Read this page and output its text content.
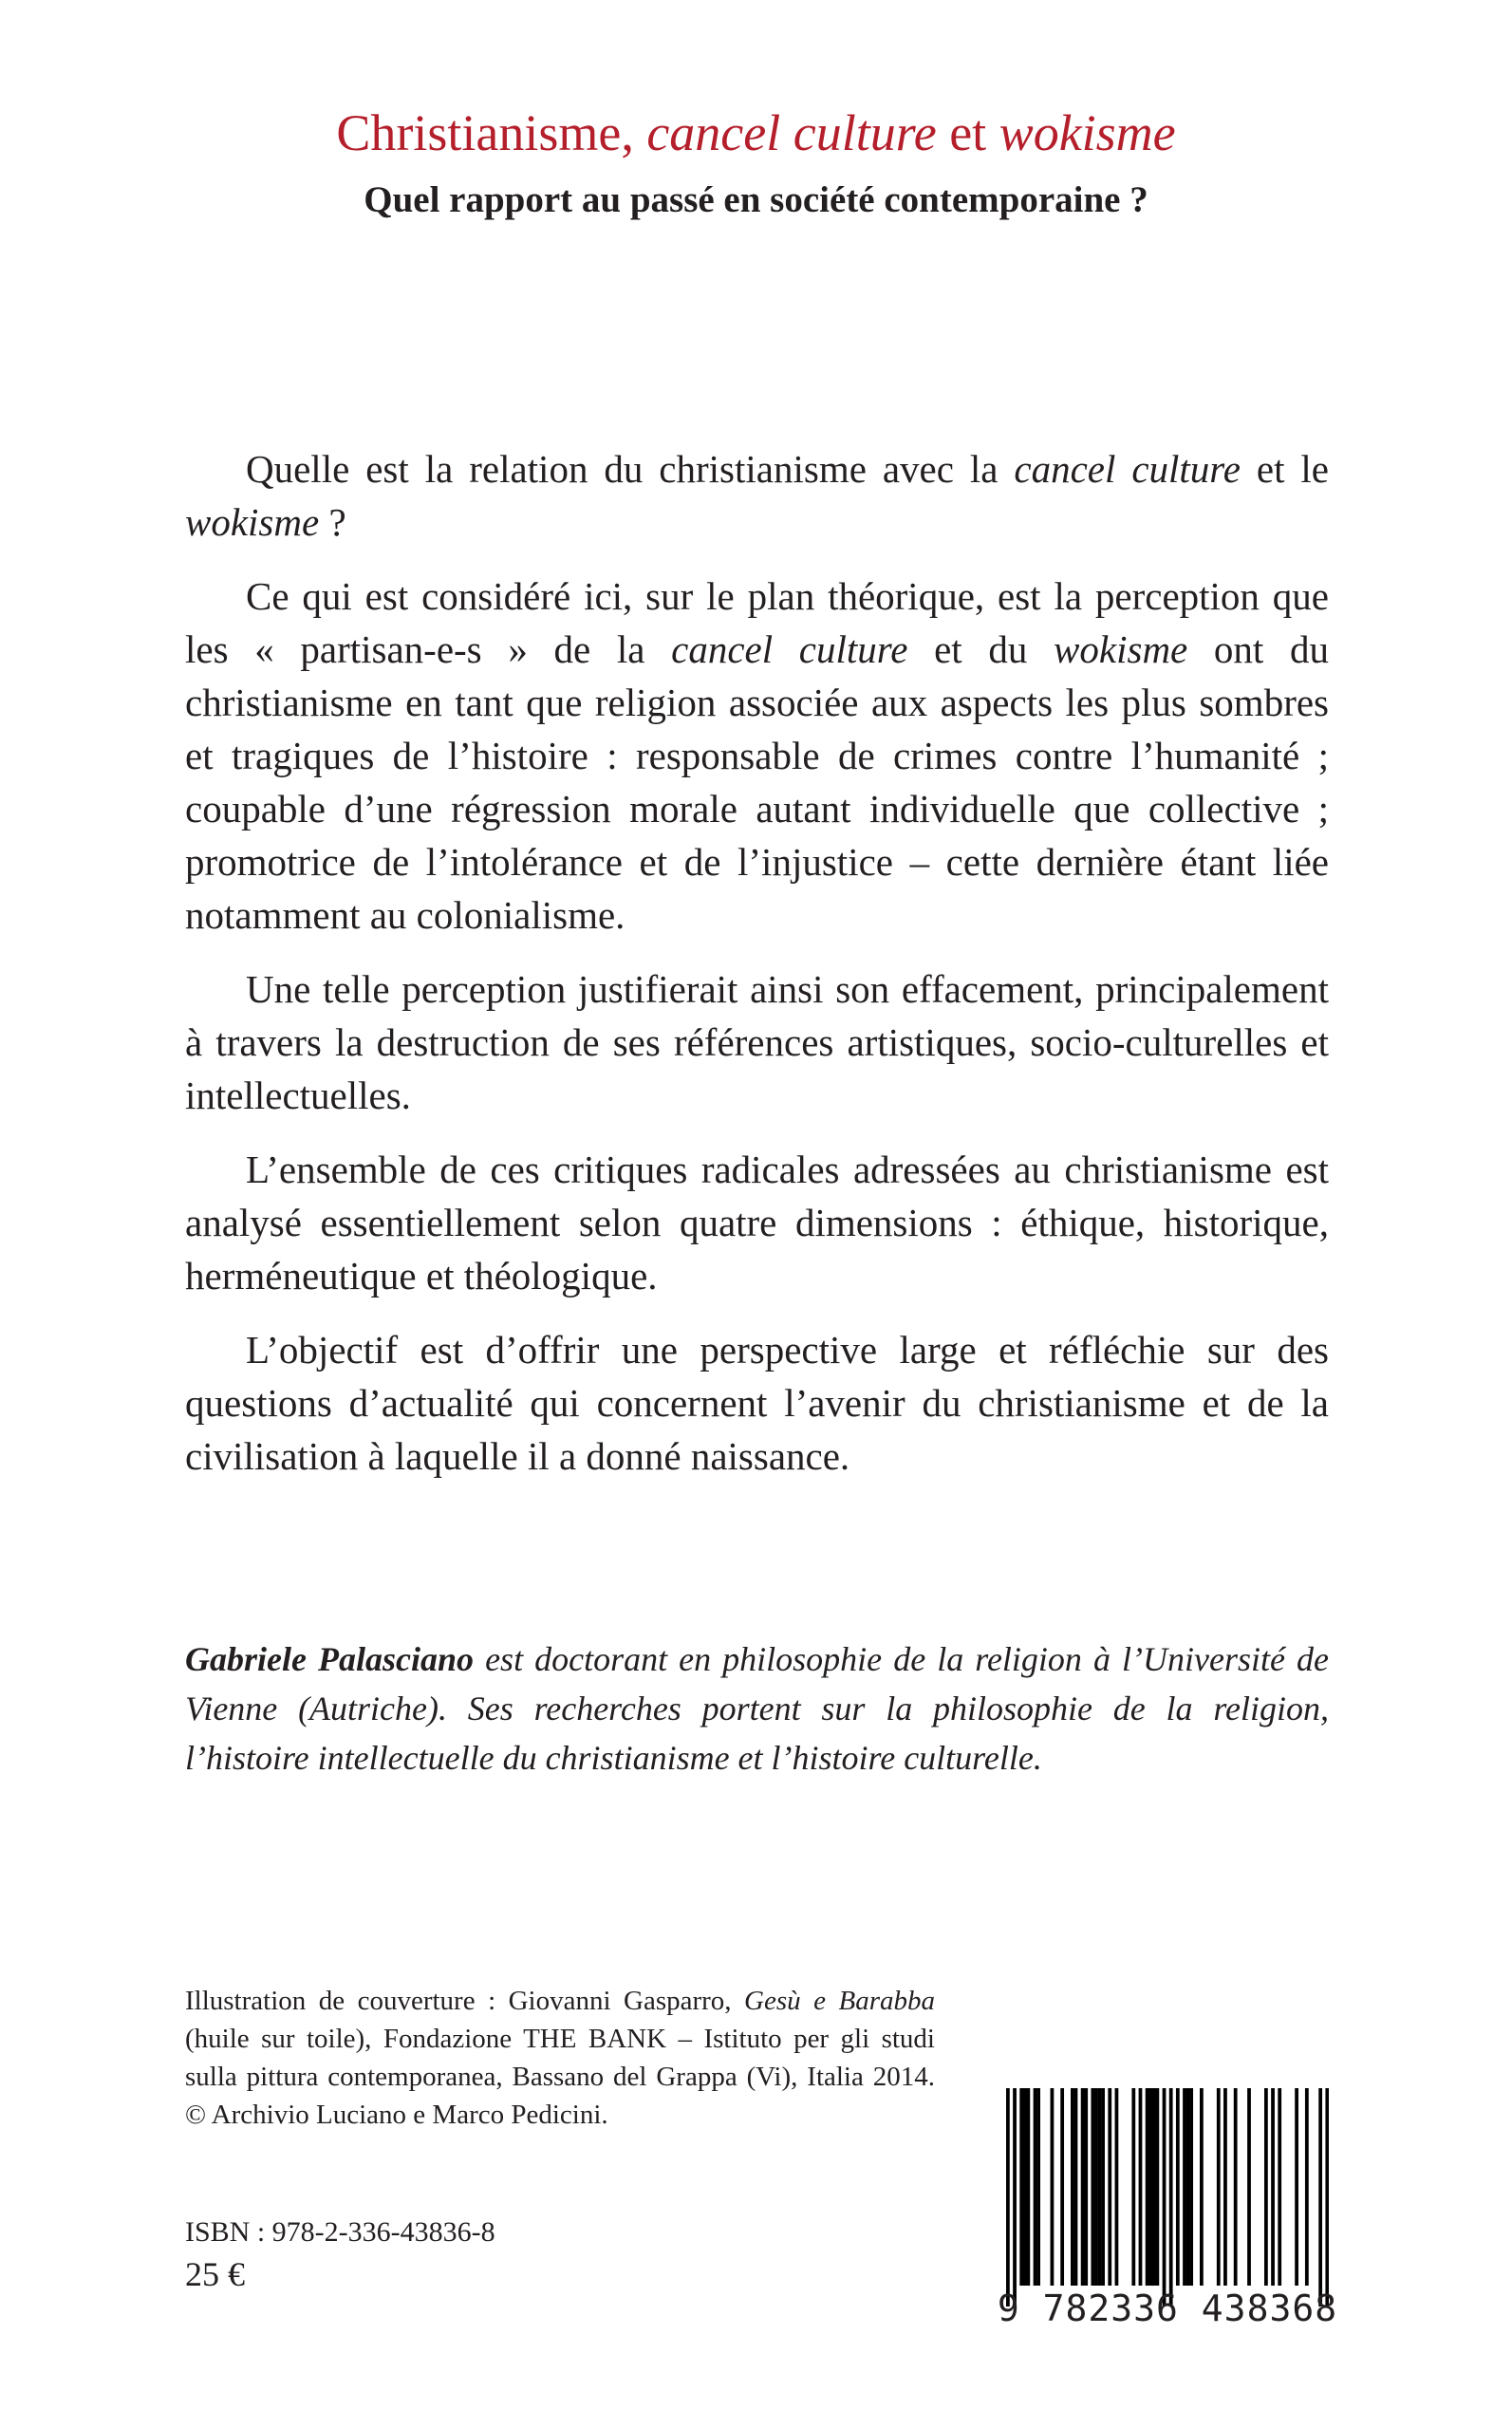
Christianisme, cancel culture et wokisme
Quel rapport au passé en société contemporaine ?

Quelle est la relation du christianisme avec la cancel culture et le wokisme ?

Ce qui est considéré ici, sur le plan théorique, est la perception que les « partisan-e-s » de la cancel culture et du wokisme ont du christianisme en tant que religion associée aux aspects les plus sombres et tragiques de l’histoire : responsable de crimes contre l’humanité ; coupable d’une régression morale autant individuelle que collective ; promotrice de l’intolérance et de l’injustice – cette dernière étant liée notamment au colonialisme.

Une telle perception justifierait ainsi son effacement, principalement à travers la destruction de ses références artistiques, socio-culturelles et intellectuelles.

L’ensemble de ces critiques radicales adressées au christianisme est analysé essentiellement selon quatre dimensions : éthique, historique, herméneutique et théologique.

L’objectif est d’offrir une perspective large et réfléchie sur des questions d’actualité qui concernent l’avenir du christianisme et de la civilisation à laquelle il a donné naissance.

Gabriele Palasciano est doctorant en philosophie de la religion à l’Université de Vienne (Autriche). Ses recherches portent sur la philosophie de la religion, l’histoire intellectuelle du christianisme et l’histoire culturelle.

Illustration de couverture : Giovanni Gasparro, Gesù e Barabba (huile sur toile), Fondazione THE BANK – Istituto per gli studi sulla pittura contemporanea, Bassano del Grappa (Vi), Italia 2014. © Archivio Luciano e Marco Pedicini.

ISBN : 978-2-336-43836-8

25 €

9 782336 438368
